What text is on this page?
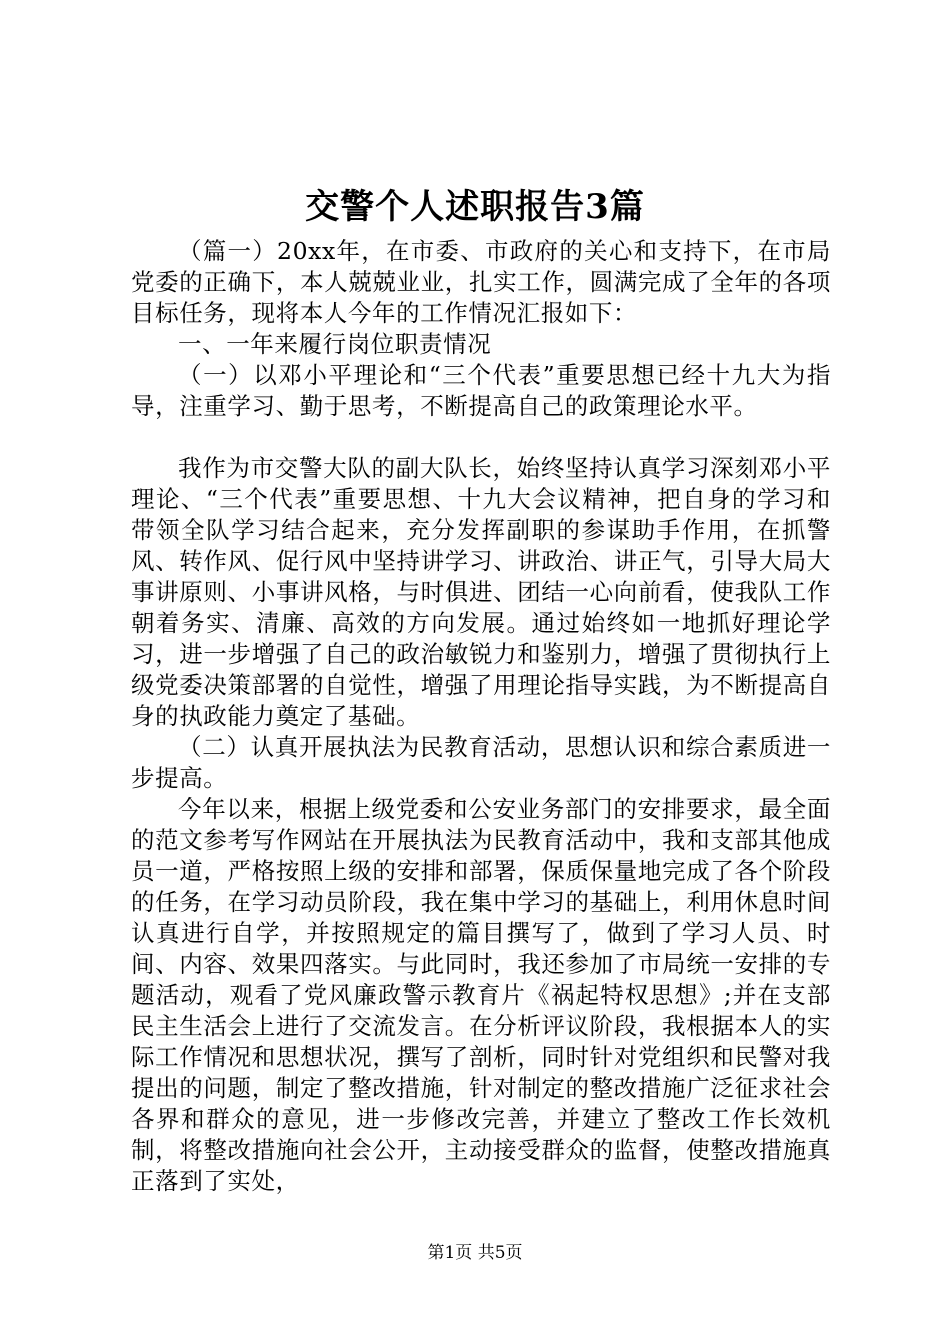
交警个人述职报告3篇

（篇一）20xx年，在市委、市政府的关心和支持下，在市局党委的正确下，本人兢兢业业，扎实工作，圆满完成了全年的各项目标任务，现将本人今年的工作情况汇报如下：

一、一年来履行岗位职责情况

（一）以邓小平理论和“三个代表”重要思想已经十九大为指导，注重学习、勤于思考，不断提高自己的政策理论水平。

我作为市交警大队的副大队长，始终坚持认真学习深刻邓小平理论、“三个代表”重要思想、十九大会议精神，把自身的学习和带领全队学习结合起来，充分发挥副职的参谋助手作用，在抓警风、转作风、促行风中坚持讲学习、讲政治、讲正气，引导大局大事讲原则、小事讲风格，与时俱进、团结一心向前看，使我队工作朝着务实、清廉、高效的方向发展。通过始终如一地抓好理论学习，进一步增强了自己的政治敏锐力和鉴别力，增强了贯彻执行上级党委决策部署的自觉性，增强了用理论指导实践，为不断提高自身的执政能力奠定了基础。

（二）认真开展执法为民教育活动，思想认识和综合素质进一步提高。

今年以来，根据上级党委和公安业务部门的安排要求，最全面的范文参考写作网站在开展执法为民教育活动中，我和支部其他成员一道，严格按照上级的安排和部署，保质保量地完成了各个阶段的任务，在学习动员阶段，我在集中学习的基础上，利用休息时间认真进行自学，并按照规定的篇目撰写了，做到了学习人员、时间、内容、效果四落实。与此同时，我还参加了市局统一安排的专题活动，观看了党风廉政警示教育片《祸起特权思想》;并在支部民主生活会上进行了交流发言。在分析评议阶段，我根据本人的实际工作情况和思想状况，撰写了剖析，同时针对党组织和民警对我提出的问题，制定了整改措施，针对制定的整改措施广泛征求社会各界和群众的意见，进一步修改完善，并建立了整改工作长效机制，将整改措施向社会公开，主动接受群众的监督，使整改措施真正落到了实处，

第1页 共5页
